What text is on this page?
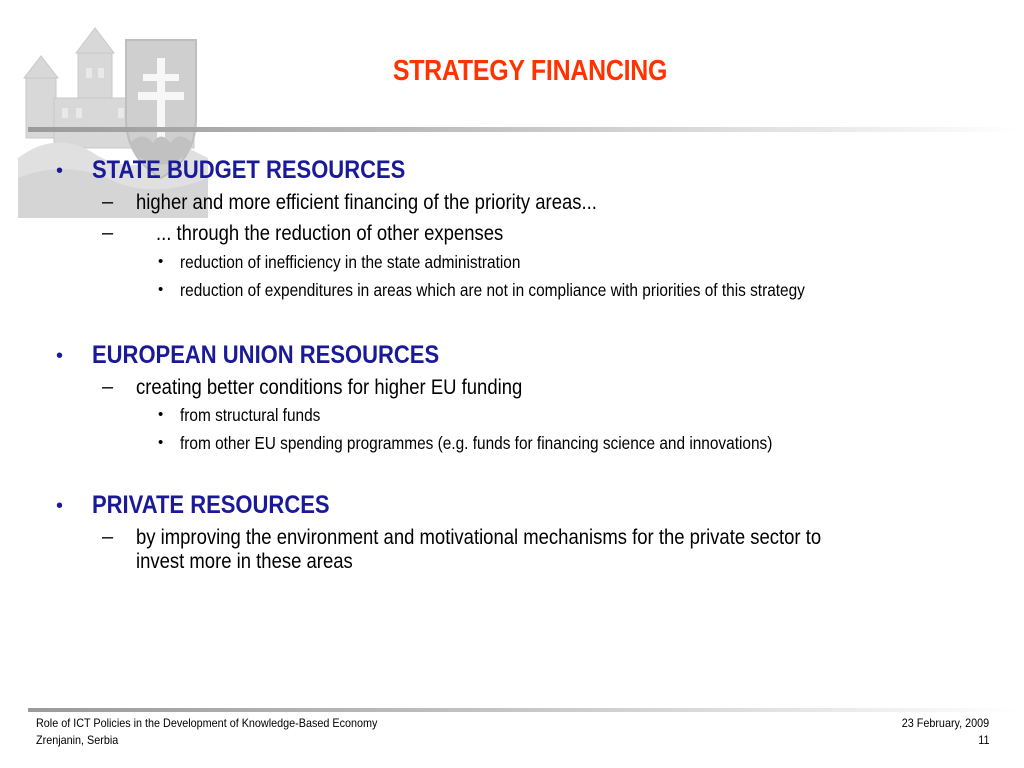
STRATEGY FINANCING
• STATE BUDGET RESOURCES
– higher and more efficient financing of the priority areas...
– ... through the reduction of other expenses
• reduction of inefficiency in the state administration
• reduction of expenditures in areas which are not in compliance with priorities of this strategy
• EUROPEAN UNION RESOURCES
– creating better conditions for higher EU funding
• from structural funds
• from other EU spending programmes (e.g. funds for financing science and innovations)
• PRIVATE RESOURCES
– by improving the environment and motivational mechanisms for the private sector to
invest more in these areas
Role of ICT Policies in the Development of Knowledge-Based Economy
Zrenjanin, Serbia
23 February, 2009
11
